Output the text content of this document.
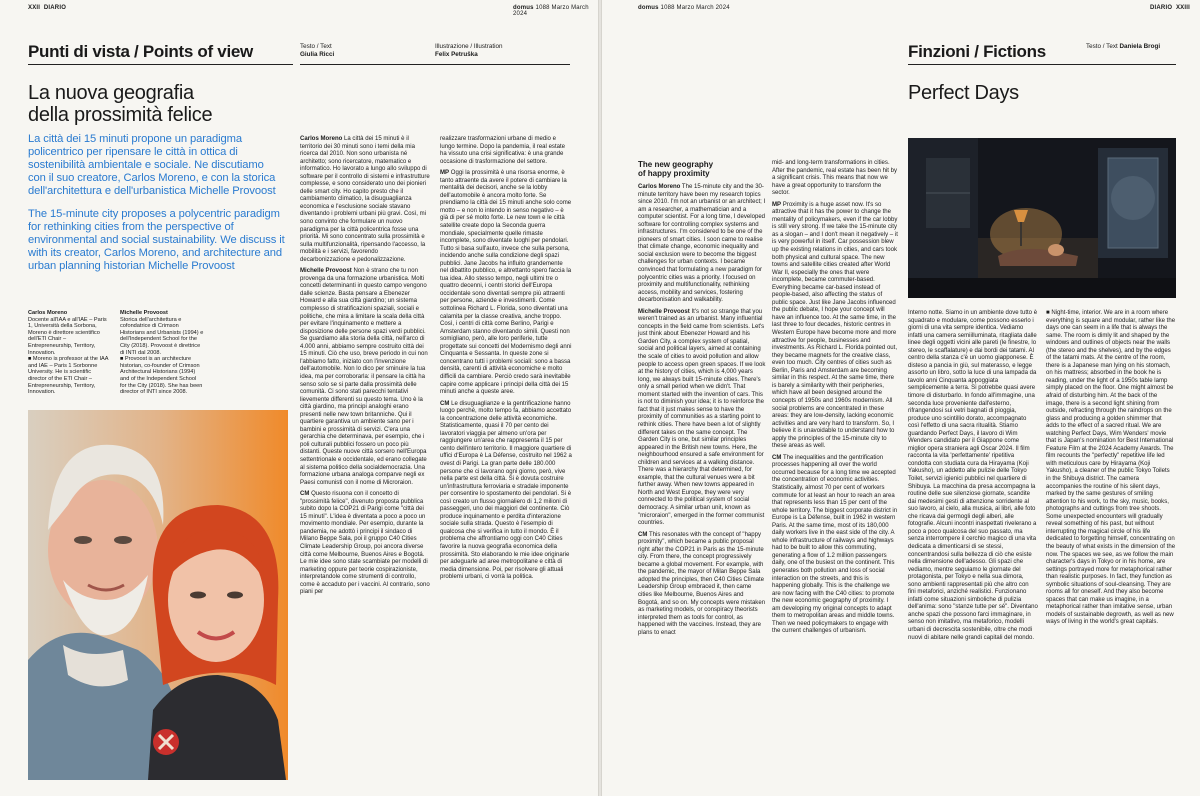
XXII DIARIO	domus 1088 Marzo March 2024
Punti di vista / Points of view	Testo / Text
Giulia Ricci
Illustrazione / Illustration
Felix Petruška
La nuova geografia
della prossimità felice
La città dei 15 minuti propone un paradigma policentrico per ripensare le città in ottica di sostenibilità ambientale e sociale. Ne discutiamo con il suo creatore, Carlos Moreno, e con la storica dell'architettura e dell'urbanistica Michelle Provoost
The 15-minute city proposes a polycentric paradigm for rethinking cities from the perspective of environmental and social sustainability. We discuss it with its creator, Carlos Moreno, and architecture and urban planning historian Michelle Provoost
Carlos Moreno
Docente all'IAA e all'IAE – Paris 1, Università della Sorbona, Moreno è direttore scientifico dell'ETI Chair – Entrepreneurship, Territory, Innovation.
■ Moreno is professor at the IAA and IAE – Paris 1 Sorbonne University. He is scientific director of the ETI Chair – Entrepreneurship, Territory, Innovation.
Michelle Provoost
Storica dell'architettura e cofondatrice di Crimson Historians and Urbanists (1994) e dell'Independent School for the City (2018). Provoost è direttrice di INTI dal 2008.
■ Provoost is an architecture historian, co-founder of Crimson Architectural Historians (1994) and of the Independent School for the City (2018). She has been director of INTI since 2008.

Carlos Moreno La città dei 15 minuti è il territorio dei 30 minuti sono i temi della mia ricerca dal 2010. Non sono urbanista né architetto; sono ricercatore, matematico e informatico. Ho lavorato a lungo allo sviluppo di software per il controllo di sistemi e infrastrutture complesse, e sono considerato uno dei pionieri delle smart city. Ho capito presto che il cambiamento climatico, la disuguaglianza economica e l'esclusione sociale stavano diventando i problemi urbani più gravi. Così, mi sono convinto che formulare un nuovo paradigma per la città policentrica fosse una priorità. Mi sono concentrato sulla prossimità e sulla multifunzionalità, ripensando l'accesso, la mobilità e i servizi, favorendo decarbonizzazione e pedonalizzazione.

Michelle Provoost Non è strano che tu non provenga da una formazione urbanistica. Molti concetti determinanti in questo campo vengono dalle scienze. Basta pensare a Ebenezer Howard e alla sua città giardino; un sistema complesso di stratificazioni spaziali, sociali e politiche, che mira a limitare la scala della città per evitare l'inquinamento e mettere a disposizione delle persone spazi verdi pubblici. Se guardiamo alla storia della città, nell'arco di 4.000 anni, abbiamo sempre costruito città dei 15 minuti. Ciò che uso, breve periodo in cui non l'abbiamo fatto, iniziato con l'invenzione dell'automobile. Non lo dico per sminuire la tua idea, ma per corroborarla: il pensare la città ha senso solo se si parte dalla prossimità delle comunità. Ci sono stati parecchi tentativi lievemente differenti su questo tema. Uno è la città giardino, ma principi analoghi erano presenti nelle new town britanniche. Qui il quartiere garantiva un ambiente sano per i bambini e prossimità di servizi. C'era una gerarchia che determinava, per esempio, che i poli culturali pubblici fossero un poco più distanti. Queste nuove città sorsero nell'Europa settentrionale e occidentale, ed erano collegate al sistema politico della socialdemocrazia. Una formazione urbana analoga comparve negli ex Paesi comunisti con il nome di Microraion.

CM Questo risuona con il concetto di "prossimità felice", divenuto proposta pubblica subito dopo la COP21 di Parigi come "città dei 15 minuti". L'idea è diventata a poco a poco un movimento mondiale. Per esempio, durante la pandemia, ne adottò i principi il sindaco di Milano Beppe Sala, poi il gruppo C40 Cities Climate Leadership Group, poi ancora diverse città come Melbourne, Buenos Aires e Bogotá. Le mie idee sono state scambiate per modelli di marketing oppure per teorie cospirazioniste, interpretandole come strumenti di controllo, come è accaduto per i vaccini. Al contrario, sono piani per

realizzare trasformazioni urbane di medio e lungo termine. Dopo la pandemia, il real estate ha vissuto una crisi significativa: è una grande occasione di trasformazione del settore.

MP Oggi la prossimità è una risorsa enorme, è tanto attraente da avere il potere di cambiare la mentalità dei decisori, anche se la lobby dell'automobile è ancora molto forte. Se prendiamo la città dei 15 minuti anche solo come motto – e non lo intendo in senso negativo – è già di per sé molto forte. Le new town e le città satellite create dopo la Seconda guerra mondiale, specialmente quelle rimaste incomplete, sono diventate luoghi per pendolari. Tutto si basa sull'auto, invece che sulla persona, incidendo anche sulla condizione degli spazi pubblici. Jane Jacobs ha influito grandemente nel dibattito pubblico, e altrettanto spero faccia la tua idea. Allo stesso tempo, negli ultimi tre o quattro decenni, i centri storici dell'Europa occidentale sono diventati sempre più attraenti per persone, aziende e investimenti. Come sottolinea Richard L. Florida, sono diventati una calamita per la classe creativa, anche troppo. Così, i centri di città come Berlino, Parigi e Amsterdam stanno diventando simili. Questi non somigliano, però, alle loro periferie, tutte progettate sui concetti del Modernismo degli anni Cinquanta e Sessanta. In queste zone si concentrano tutti i problemi sociali: sono a bassa densità, carenti di attività economiche e molto difficili da cambiare. Perciò credo sarà inevitabile capire come applicare i principi della città dei 15 minuti anche a queste aree.

CM Le disuguaglianze e la gentrificazione hanno luogo perché, molto tempo fa, abbiamo accettato la concentrazione delle attività economiche. Statisticamente, quasi il 70 per cento dei lavoratori viaggia per almeno un'ora per raggiungere un'area che rappresenta il 15 per cento dell'intero territorio. Il maggiore quartiere di uffici d'Europa è La Défense, costruito nel 1962 a ovest di Parigi. La gran parte delle 180.000 persone che ci lavorano ogni giorno, però, vive nella parte est della città. Si è dovuta costruire un'infrastruttura ferroviaria e stradale imponente per consentire lo spostamento dei pendolari. Si è così creato un flusso giornaliero di 1,2 milioni di passeggeri, uno dei maggiori del continente. Ciò produce inquinamento e perdita d'interazione sociale sulla strada. Questo è l'esempio di qualcosa che si verifica in tutto il mondo. È il problema che affrontiamo oggi con C40 Cities favorire la nuova geografia economica della prossimità. Sto elaborando le mie idee originarie per adeguarle ad aree metropolitane e città di media dimensione. Poi, per risolvere gli attuali problemi urbani, ci vorrà la politica.

domus 1088 Marzo March 2024	DIARIO XXIII
Finzioni / Fictions	Testo / Text Daniela Brogi
Perfect Days
The new geography
of happy proximity

Carlos Moreno The 15-minute city and the 30-minute territory have been my research topics since 2010. I'm not an urbanist or an architect; I am a researcher, a mathematician and a computer scientist. For a long time, I developed software for controlling complex systems and infrastructures. I'm considered to be one of the pioneers of smart cities. I soon came to realise that climate change, economic inequality and social exclusion were to become the biggest challenges for urban contexts. I became convinced that formulating a new paradigm for polycentric cities was a priority. I focused on proximity and multifunctionality, rethinking access, mobility and services, fostering decarbonisation and walkability.

Michelle Provoost It's not so strange that you weren't trained as an urbanist. Many influential concepts in the field came from scientists. Let's just think about Ebenezer Howard and his Garden City, a complex system of spatial, social and political layers, aimed at containing the scale of cities to avoid pollution and allow people to access open green spaces. If we look at the history of cities, which is 4,000 years long, we always built 15-minute cities. There's only a small period when we didn't. That moment started with the invention of cars. This is not to diminish your idea; it is to reinforce the fact that it just makes sense to have the proximity of communities as a starting point to rethink cities. There have been a lot of slightly different takes on the same concept. The Garden City is one, but similar principles appeared in the British new towns. Here, the neighbourhood ensured a safe environment for children and services at a walking distance. There was a hierarchy that determined, for example, that the cultural venues were a bit further away. When new towns appeared in North and West Europe, they were very connected to the political system of social democracy. A similar urban unit, known as "microraion", emerged in the former communist countries.

CM This resonates with the concept of "happy proximity", which became a public proposal right after the COP21 in Paris as the 15-minute city. From there, the concept progressively became a global movement. For example, with the pandemic, the mayor of Milan Beppe Sala adopted the principles, then C40 Cities Climate Leadership Group embraced it, then came cities like Melbourne, Buenos Aires and Bogotá, and so on. My concepts were mistaken as marketing models, or conspiracy theorists interpreted them as tools for control, as happened with the vaccines. Instead, they are plans to enact

mid- and long-term transformations in cities. After the pandemic, real estate has been hit by a significant crisis. This means that now we have a great opportunity to transform the sector.

MP Proximity is a huge asset now. It's so attractive that it has the power to change the mentality of policymakers, even if the car lobby is still very strong. If we take the 15-minute city as a slogan – and I don't mean it negatively – it is very powerful in itself. Car possession blew up the existing relations in cities, and cars took both physical and cultural space. The new towns and satellite cities created after World War II, especially the ones that were incomplete, became commuter-based. Everything became car-based instead of people-based, also affecting the status of public space. Just like Jane Jacobs influenced the public debate, I hope your concept will have an influence too. At the same time, in the last three to four decades, historic centres in Western Europe have become more and more attractive for people, businesses and investments. As Richard L. Florida pointed out, they became magnets for the creative class, even too much. City centres of cities such as Berlin, Paris and Amsterdam are becoming similar in this respect. At the same time, there is barely a similarity with their peripheries, which have all been designed around the concepts of 1950s and 1960s modernism. All social problems are concentrated in these areas: they are low-density, lacking economic activities and are very hard to transform. So, I believe it is unavoidable to understand how to apply the principles of the 15-minute city to these areas as well.

CM The inequalities and the gentrification processes happening all over the world occurred because for a long time we accepted the concentration of economic activities. Statistically, almost 70 per cent of workers commute for at least an hour to reach an area that represents less than 15 per cent of the whole territory. The biggest corporate district in Europe is La Défense, built in 1962 in western Paris. At the same time, most of its 180,000 daily workers live in the east side of the city. A whole infrastructure of railways and highways had to be built to allow this commuting, generating a flow of 1.2 million passengers daily, one of the busiest on the continent. This generates both pollution and loss of social interaction on the streets, and this is happening globally. This is the challenge we are now facing with the C40 cities: to promote the new economic geography of proximity. I am developing my original concepts to adapt them to metropolitan areas and middle towns. Then we need policymakers to engage with the current challenges of urbanism.

Interno notte. Siamo in un ambiente dove tutto è squadrato e modulare, come possono esserlo i giorni di una vita sempre identica. Vediamo infatti una camera semiilluminata, ritagliata dalle linee degli oggetti vicini alle pareti (le finestre, lo stereo, le scaffalature) e dai bordi dei tatami. Al centro della stanza c'è un uomo giapponese. È disteso a pancia in giù, sul materasso, e legge assorto un libro, sotto la luce di una lampada da tavolo anni Cinquanta appoggiata semplicemente a terra. Si potrebbe quasi avere timore di disturbarlo. In fondo all'immagine, una seconda luce proveniente dall'esterno, rifrangendosi sui vetri bagnati di pioggia, produce uno scintillio dorato, accompagnato così l'effetto di una sacra ritualità. Stiamo guardando Perfect Days, il lavoro di Wim Wenders candidato per il Giappone come miglior opera straniera agli Oscar 2024. Il film racconta la vita 'perfettamente' ripetitiva condotta con studiata cura da Hirayama (Koji Yakusho), un addetto alle pulizie delle Tokyo Toilet, servizi igienici pubblici nel quartiere di Shibuya. La macchina da presa accompagna la routine delle sue silenziose giornate, scandite dai medesimi gesti di attenzione sorridente al suo lavoro, al cielo, alla musica, ai libri, alle foto che ricava dai germogli degli alberi, alle fotografie. Alcuni incontri inaspettati rivelerano a poco a poco qualcosa del suo passato, ma senza interrompere il cerchio magico di una vita dedicata a dimenticarsi di se stessi, concentrandosi sulla bellezza di ciò che esiste nella dimensione dell'adesso. Gli spazi che vediamo, mentre seguiamo le giornate del protagonista, per Tokyo e nella sua dimora, sono ambienti rappresentati più che altro con fini metaforici, anziché realistici. Funzionano infatti come situazioni simboliche di pulizia dell'anima: sono "stanze tutte per sé". Diventano anche spazi che possono farci immaginare, in senso non imitativo, ma metaforico, modelli urbani di decrescita sostenibile, oltre che modi nuovi di abitare nelle grandi capitali del mondo.
■ Night-time, interior. We are in a room where everything is square and modular, rather like the days one can seem in a life that is always the same. The room is dimly lit and shaped by the windows and outlines of objects near the walls (the stereo and the shelves), and by the edges of the tatami mats. At the centre of the room, there is a Japanese man lying on his stomach, on his mattress; absorbed in the book he is reading, under the light of a 1950s table lamp simply placed on the floor. One might almost be afraid of disturbing him. At the back of the image, there is a second light shining from outside, refracting through the raindrops on the glass and producing a golden shimmer that adds to the effect of a sacred ritual. We are watching Perfect Days, Wim Wenders' movie that is Japan's nomination for Best International Feature Film at the 2024 Academy Awards. The film recounts the "perfectly" repetitive life led with meticulous care by Hirayama (Koji Yakusho), a cleaner of the public Tokyo Toilets in the Shibuya district. The camera accompanies the routine of his silent days, marked by the same gestures of smiling attention to his work, to the sky, music, books, photographs and cuttings from tree shoots. Some unexpected encounters will gradually reveal something of his past, but without interrupting the magical circle of his life dedicated to forgetting himself, concentrating on the beauty of what exists in the dimension of the now. The spaces we see, as we follow the main character's days in Tokyo or in his home, are settings portrayed more for metaphorical rather than realistic purposes. In fact, they function as symbolic situations of soul-cleansing. They are rooms all for oneself. And they also become spaces that can make us imagine, in a metaphorical rather than imitative sense, urban models of sustainable degrowth, as well as new ways of living in the world's great capitals.
